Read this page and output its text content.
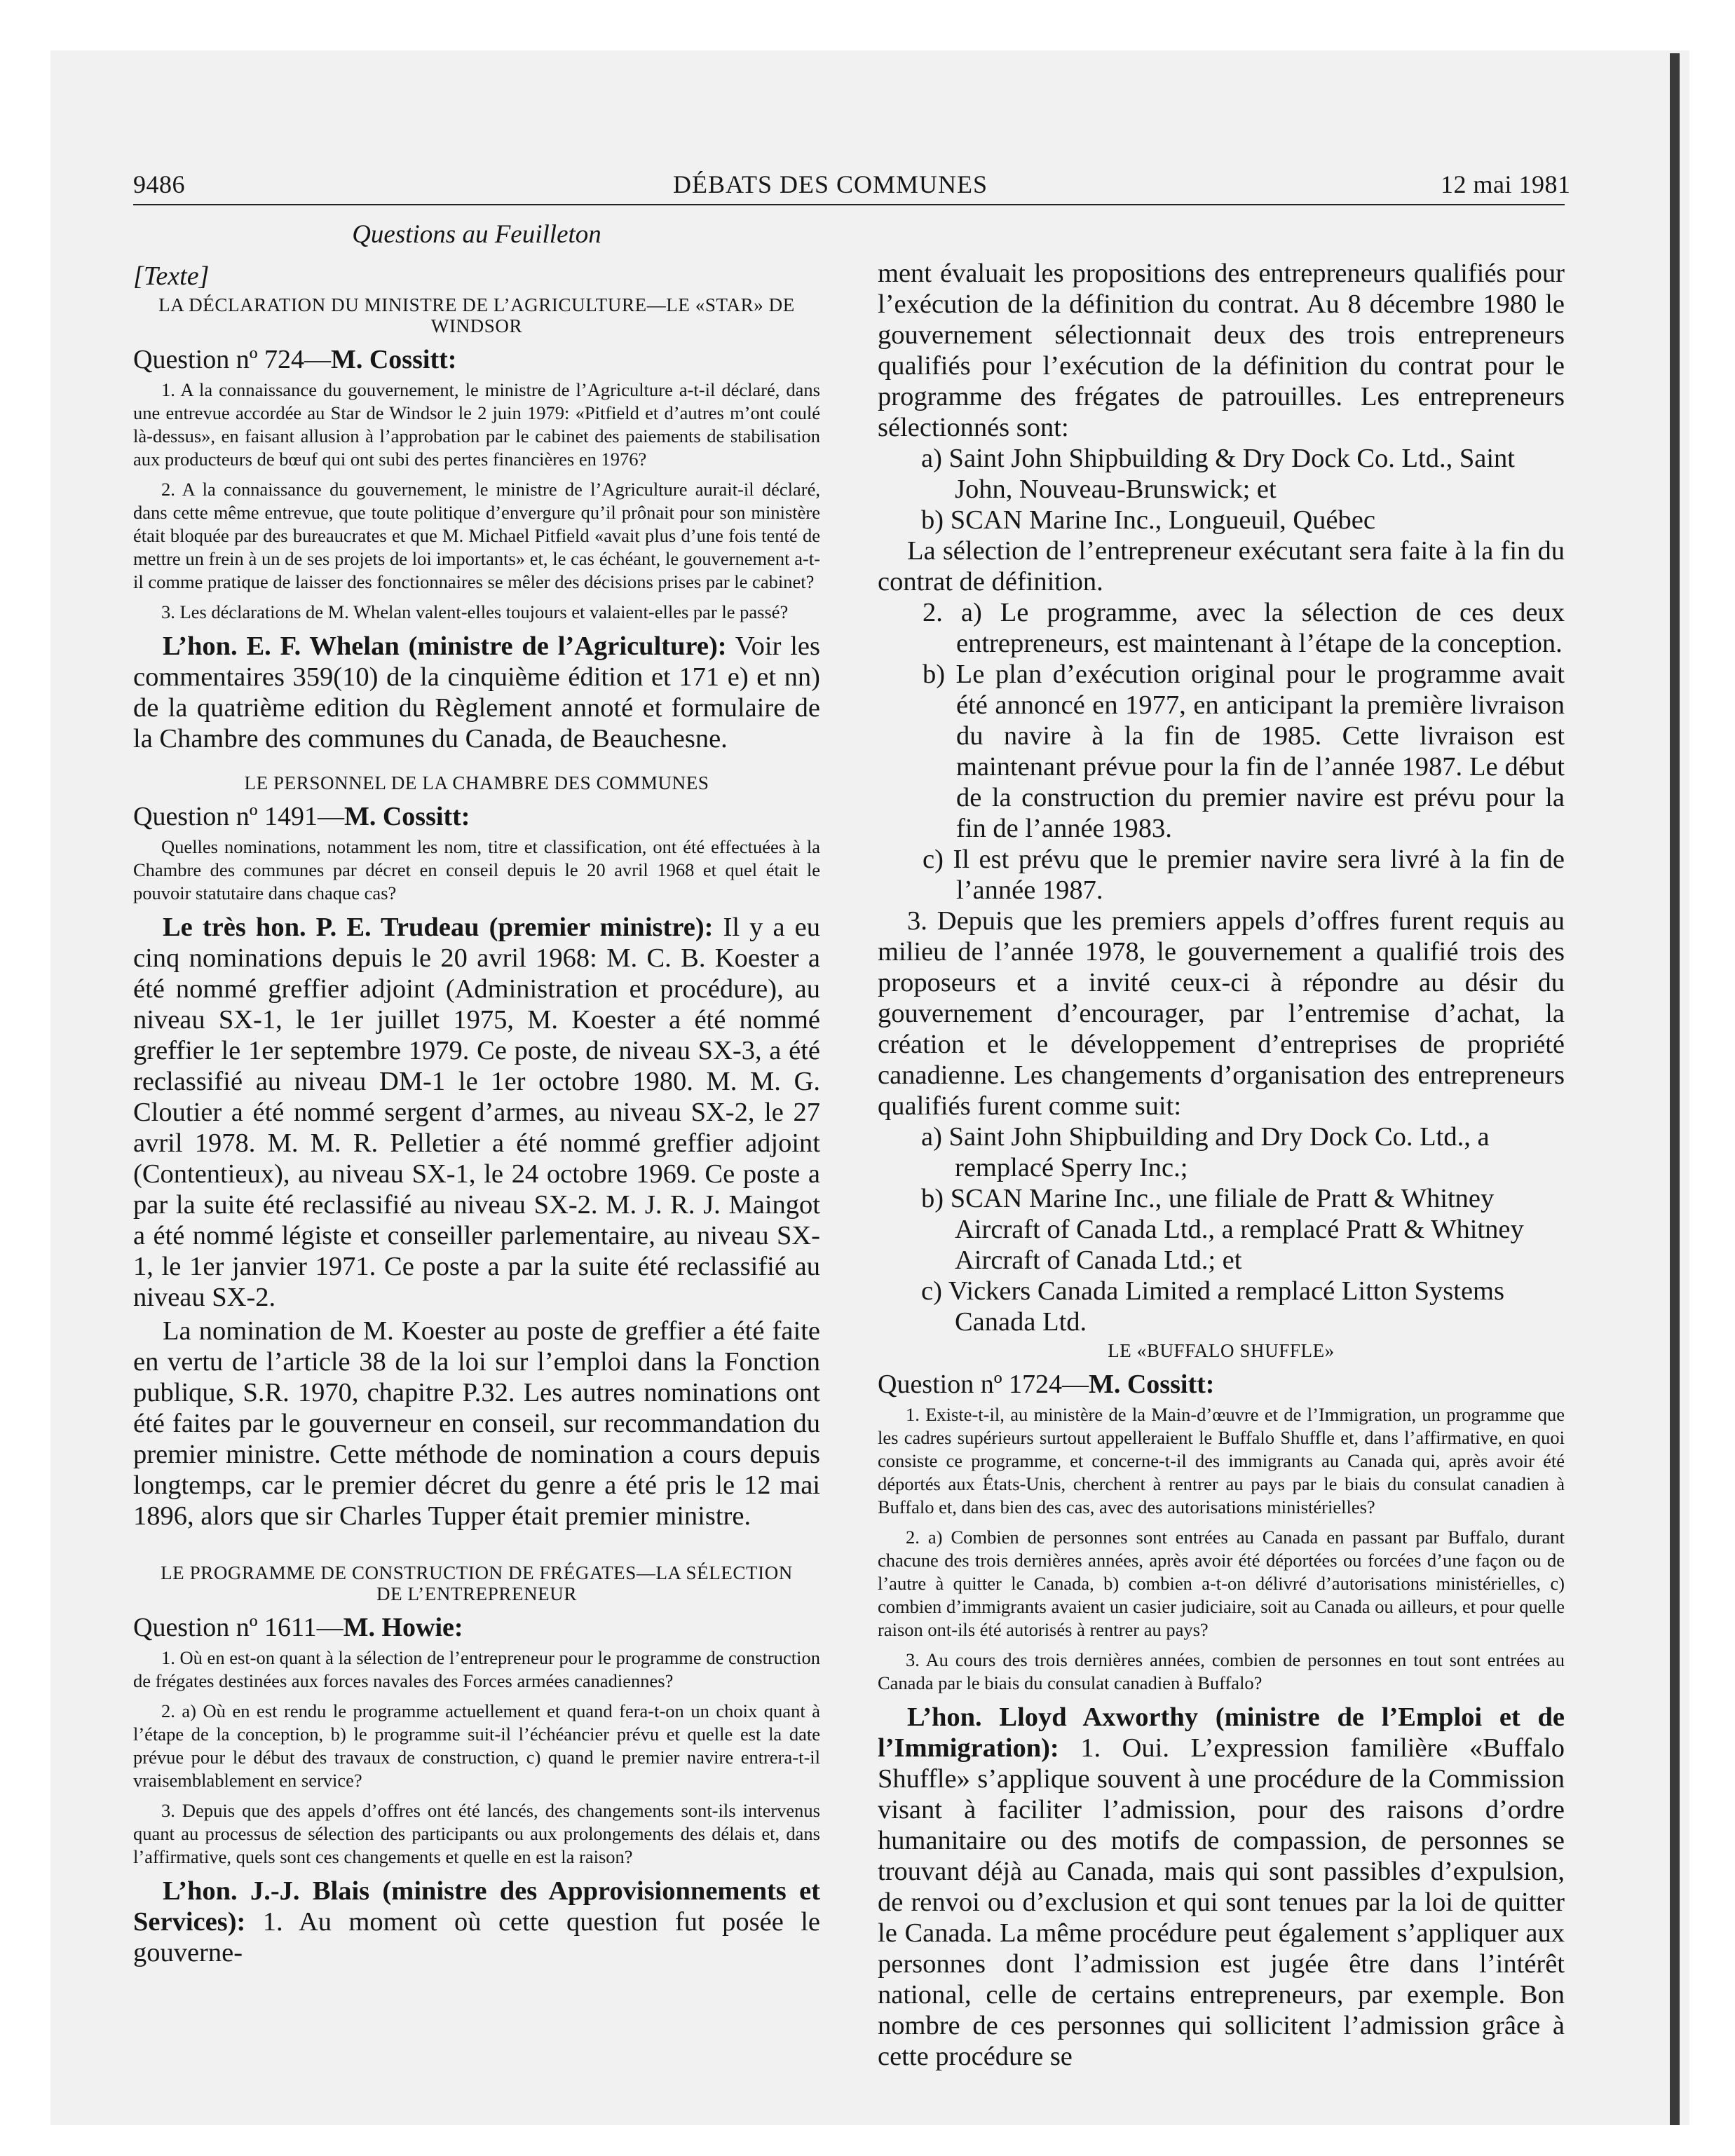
9486	DÉBATS DES COMMUNES	12 mai 1981

Questions au Feuilleton

[Texte]

LA DÉCLARATION DU MINISTRE DE L’AGRICULTURE—LE «STAR» DE WINDSOR

Question nº 724—M. Cossitt:

1. A la connaissance du gouvernement, le ministre de l’Agriculture a-t-il déclaré, dans une entrevue accordée au Star de Windsor le 2 juin 1979: «Pitfield et d’autres m’ont coulé là-dessus», en faisant allusion à l’approbation par le cabinet des paiements de stabilisation aux producteurs de bœuf qui ont subi des pertes financières en 1976?

2. A la connaissance du gouvernement, le ministre de l’Agriculture aurait-il déclaré, dans cette même entrevue, que toute politique d’envergure qu’il prônait pour son ministère était bloquée par des bureaucrates et que M. Michael Pitfield «avait plus d’une fois tenté de mettre un frein à un de ses projets de loi importants» et, le cas échéant, le gouvernement a-t-il comme pratique de laisser des fonctionnaires se mêler des décisions prises par le cabinet?

3. Les déclarations de M. Whelan valent-elles toujours et valaient-elles par le passé?

L’hon. E. F. Whelan (ministre de l’Agriculture): Voir les commentaires 359(10) de la cinquième édition et 171 e) et nn) de la quatrième edition du Règlement annoté et formulaire de la Chambre des communes du Canada, de Beauchesne.

LE PERSONNEL DE LA CHAMBRE DES COMMUNES

Question nº 1491—M. Cossitt:

Quelles nominations, notamment les nom, titre et classification, ont été effectuées à la Chambre des communes par décret en conseil depuis le 20 avril 1968 et quel était le pouvoir statutaire dans chaque cas?

Le très hon. P. E. Trudeau (premier ministre): Il y a eu cinq nominations depuis le 20 avril 1968: M. C. B. Koester a été nommé greffier adjoint (Administration et procédure), au niveau SX-1, le 1er juillet 1975, M. Koester a été nommé greffier le 1er septembre 1979. Ce poste, de niveau SX-3, a été reclassifié au niveau DM-1 le 1er octobre 1980. M. M. G. Cloutier a été nommé sergent d’armes, au niveau SX-2, le 27 avril 1978. M. M. R. Pelletier a été nommé greffier adjoint (Contentieux), au niveau SX-1, le 24 octobre 1969. Ce poste a par la suite été reclassifié au niveau SX-2. M. J. R. J. Maingot a été nommé légiste et conseiller parlementaire, au niveau SX-1, le 1er janvier 1971. Ce poste a par la suite été reclassifié au niveau SX-2.

La nomination de M. Koester au poste de greffier a été faite en vertu de l’article 38 de la loi sur l’emploi dans la Fonction publique, S.R. 1970, chapitre P.32. Les autres nominations ont été faites par le gouverneur en conseil, sur recommandation du premier ministre. Cette méthode de nomination a cours depuis longtemps, car le premier décret du genre a été pris le 12 mai 1896, alors que sir Charles Tupper était premier ministre.

LE PROGRAMME DE CONSTRUCTION DE FRÉGATES—LA SÉLECTION DE L’ENTREPRENEUR

Question nº 1611—M. Howie:

1. Où en est-on quant à la sélection de l’entrepreneur pour le programme de construction de frégates destinées aux forces navales des Forces armées canadiennes?

2. a) Où en est rendu le programme actuellement et quand fera-t-on un choix quant à l’étape de la conception, b) le programme suit-il l’échéancier prévu et quelle est la date prévue pour le début des travaux de construction, c) quand le premier navire entrera-t-il vraisemblablement en service?

3. Depuis que des appels d’offres ont été lancés, des changements sont-ils intervenus quant au processus de sélection des participants ou aux prolongements des délais et, dans l’affirmative, quels sont ces changements et quelle en est la raison?

L’hon. J.-J. Blais (ministre des Approvisionnements et Services): 1. Au moment où cette question fut posée le gouverne-

ment évaluait les propositions des entrepreneurs qualifiés pour l’exécution de la définition du contrat. Au 8 décembre 1980 le gouvernement sélectionnait deux des trois entrepreneurs qualifiés pour l’exécution de la définition du contrat pour le programme des frégates de patrouilles. Les entrepreneurs sélectionnés sont:

a) Saint John Shipbuilding & Dry Dock Co. Ltd., Saint John, Nouveau-Brunswick; et

b) SCAN Marine Inc., Longueuil, Québec

La sélection de l’entrepreneur exécutant sera faite à la fin du contrat de définition.

2. a) Le programme, avec la sélection de ces deux entrepreneurs, est maintenant à l’étape de la conception.

b) Le plan d’exécution original pour le programme avait été annoncé en 1977, en anticipant la première livraison du navire à la fin de 1985. Cette livraison est maintenant prévue pour la fin de l’année 1987. Le début de la construction du premier navire est prévu pour la fin de l’année 1983.

c) Il est prévu que le premier navire sera livré à la fin de l’année 1987.

3. Depuis que les premiers appels d’offres furent requis au milieu de l’année 1978, le gouvernement a qualifié trois des proposeurs et a invité ceux-ci à répondre au désir du gouvernement d’encourager, par l’entremise d’achat, la création et le développement d’entreprises de propriété canadienne. Les changements d’organisation des entrepreneurs qualifiés furent comme suit:

a) Saint John Shipbuilding and Dry Dock Co. Ltd., a remplacé Sperry Inc.;

b) SCAN Marine Inc., une filiale de Pratt & Whitney Aircraft of Canada Ltd., a remplacé Pratt & Whitney Aircraft of Canada Ltd.; et

c) Vickers Canada Limited a remplacé Litton Systems Canada Ltd.

LE «BUFFALO SHUFFLE»

Question nº 1724—M. Cossitt:

1. Existe-t-il, au ministère de la Main-d’œuvre et de l’Immigration, un programme que les cadres supérieurs surtout appelleraient le Buffalo Shuffle et, dans l’affirmative, en quoi consiste ce programme, et concerne-t-il des immigrants au Canada qui, après avoir été déportés aux États-Unis, cherchent à rentrer au pays par le biais du consulat canadien à Buffalo et, dans bien des cas, avec des autorisations ministérielles?

2. a) Combien de personnes sont entrées au Canada en passant par Buffalo, durant chacune des trois dernières années, après avoir été déportées ou forcées d’une façon ou de l’autre à quitter le Canada, b) combien a-t-on délivré d’autorisations ministérielles, c) combien d’immigrants avaient un casier judiciaire, soit au Canada ou ailleurs, et pour quelle raison ont-ils été autorisés à rentrer au pays?

3. Au cours des trois dernières années, combien de personnes en tout sont entrées au Canada par le biais du consulat canadien à Buffalo?

L’hon. Lloyd Axworthy (ministre de l’Emploi et de l’Immigration): 1. Oui. L’expression familière «Buffalo Shuffle» s’applique souvent à une procédure de la Commission visant à faciliter l’admission, pour des raisons d’ordre humanitaire ou des motifs de compassion, de personnes se trouvant déjà au Canada, mais qui sont passibles d’expulsion, de renvoi ou d’exclusion et qui sont tenues par la loi de quitter le Canada. La même procédure peut également s’appliquer aux personnes dont l’admission est jugée être dans l’intérêt national, celle de certains entrepreneurs, par exemple. Bon nombre de ces personnes qui sollicitent l’admission grâce à cette procédure se
